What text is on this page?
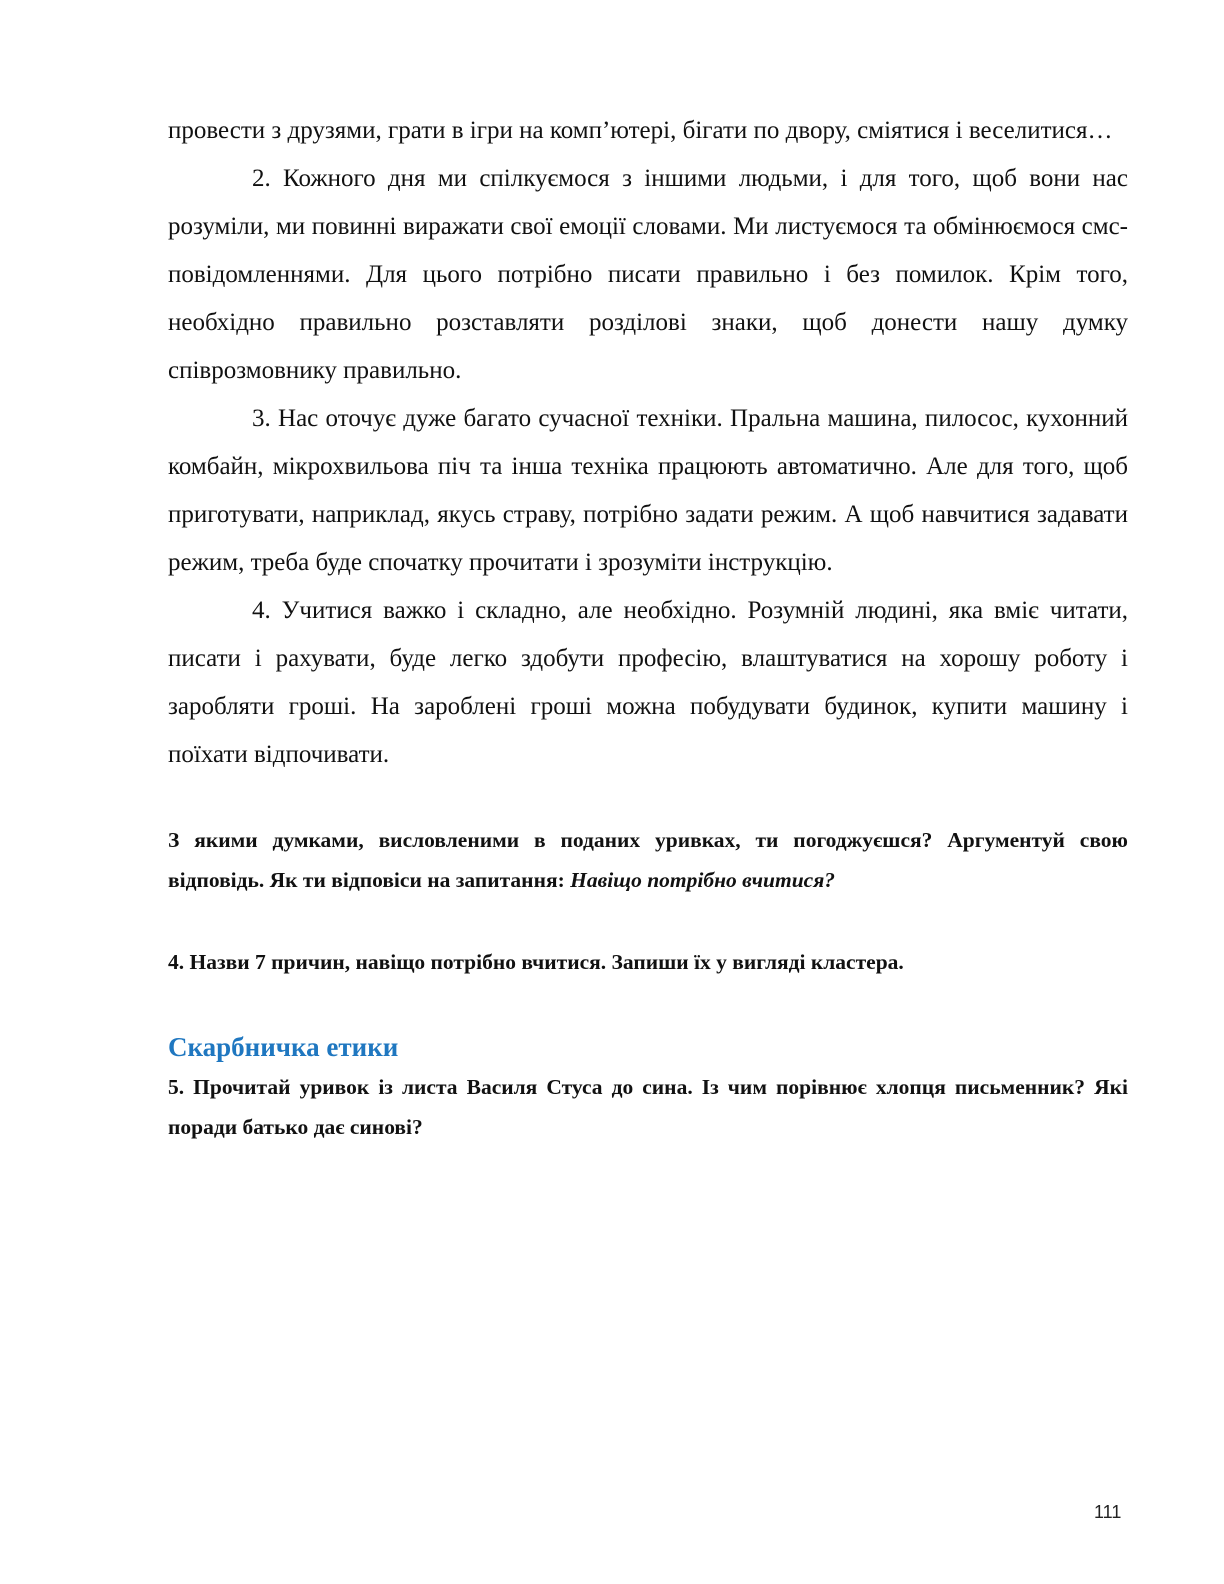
провести з друзями, грати в ігри на комп’ютері, бігати по двору, сміятися і веселитися…

2. Кожного дня ми спілкуємося з іншими людьми, і для того, щоб вони нас розуміли, ми повинні виражати свої емоції словами. Ми листуємося та обмінюємося смс-повідомленнями. Для цього потрібно писати правильно і без помилок. Крім того, необхідно правильно розставляти розділові знаки, щоб донести нашу думку співрозмовнику правильно.

3. Нас оточує дуже багато сучасної техніки. Пральна машина, пилосос, кухонний комбайн, мікрохвильова піч та інша техніка працюють автоматично. Але для того, щоб приготувати, наприклад, якусь страву, потрібно задати режим. А щоб навчитися задавати режим, треба буде спочатку прочитати і зрозуміти інструкцію.

4. Учитися важко і складно, але необхідно. Розумній людині, яка вміє читати, писати і рахувати, буде легко здобути професію, влаштуватися на хорошу роботу і заробляти гроші. На зароблені гроші можна побудувати будинок, купити машину і поїхати відпочивати.

З якими думками, висловленими в поданих уривках, ти погоджуєшся? Аргументуй свою відповідь. Як ти відповіси на запитання: Навіщо потрібно вчитися?

4. Назви 7 причин, навіщо потрібно вчитися. Запиши їх у вигляді кластера.

Скарбничка етики

5. Прочитай уривок із листа Василя Стуса до сина. Із чим порівнює хлопця письменник? Які поради батько дає синові?

111
